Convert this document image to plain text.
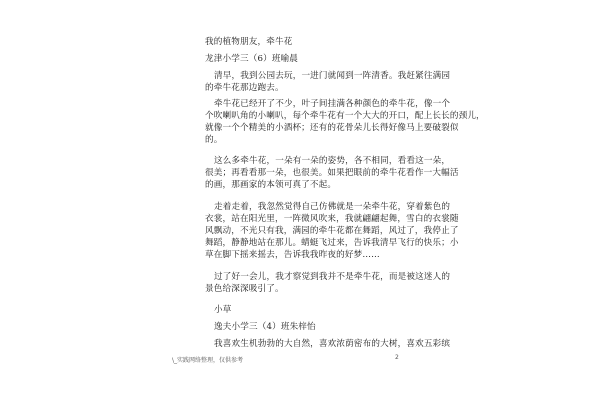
我的植物朋友，牵牛花
龙津小学三（6）班喻晨
清早，我到公园去玩，一进门就闻到一阵清香。我赶紧往满园
的牵牛花那边跑去。
牵牛花已经开了不少，叶子间挂满各种颜色的牵牛花，像一个
个吹喇叭角的小喇叭，每个牵牛花有一个大大的开口，配上长长的颈儿，
就像一个个精美的小酒杯；还有的花骨朵儿长得好像马上要破裂似
的。
这么多牵牛花，一朵有一朵的姿势，各不相同，看看这一朵，
很美；再看看那一朵，也很美。如果把眼前的牵牛花看作一大幅活
的画，那画家的本领可真了不起。
走着走着，我忽然觉得自己仿佛就是一朵牵牛花，穿着紫色的
衣裳，站在阳光里，一阵微风吹来，我就翩翩起舞，雪白的衣裳随
风飘动，不光只有我，满园的牵牛花都在舞蹈，风过了，我停止了
舞蹈，静静地站在那儿。蜻蜓飞过来，告诉我清早飞行的快乐；小
草在脚下摇来摇去，告诉我我昨夜的好梦……
过了好一会儿，我才察觉到我并不是牵牛花，而是被这迷人的
景色给深深吸引了。
小草
逸夫小学三（4）班朱梓怡
我喜欢生机勃勃的大自然，喜欢浓荫密布的大树，喜欢五彩缤
\_实践网络整理，仅供参考	2
